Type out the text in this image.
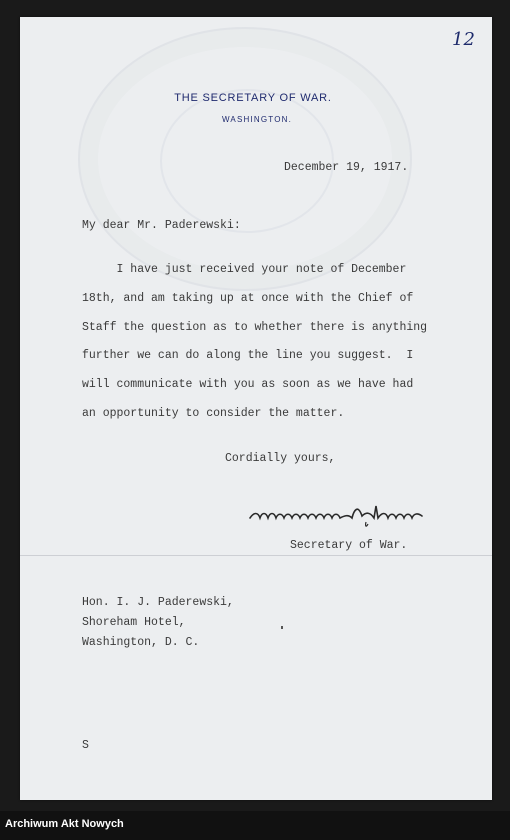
12
THE SECRETARY OF WAR.
WASHINGTON.
December 19, 1917.
My dear Mr. Paderewski:
I have just received your note of December
18th, and am taking up at once with the Chief of
Staff the question as to whether there is anything
further we can do along the line you suggest.  I
will communicate with you as soon as we have had
an opportunity to consider the matter.
Cordially yours,
Secretary of War.
Hon. I. J. Paderewski,
Shoreham Hotel,
Washington, D. C.
S
Archiwum Akt Nowych
